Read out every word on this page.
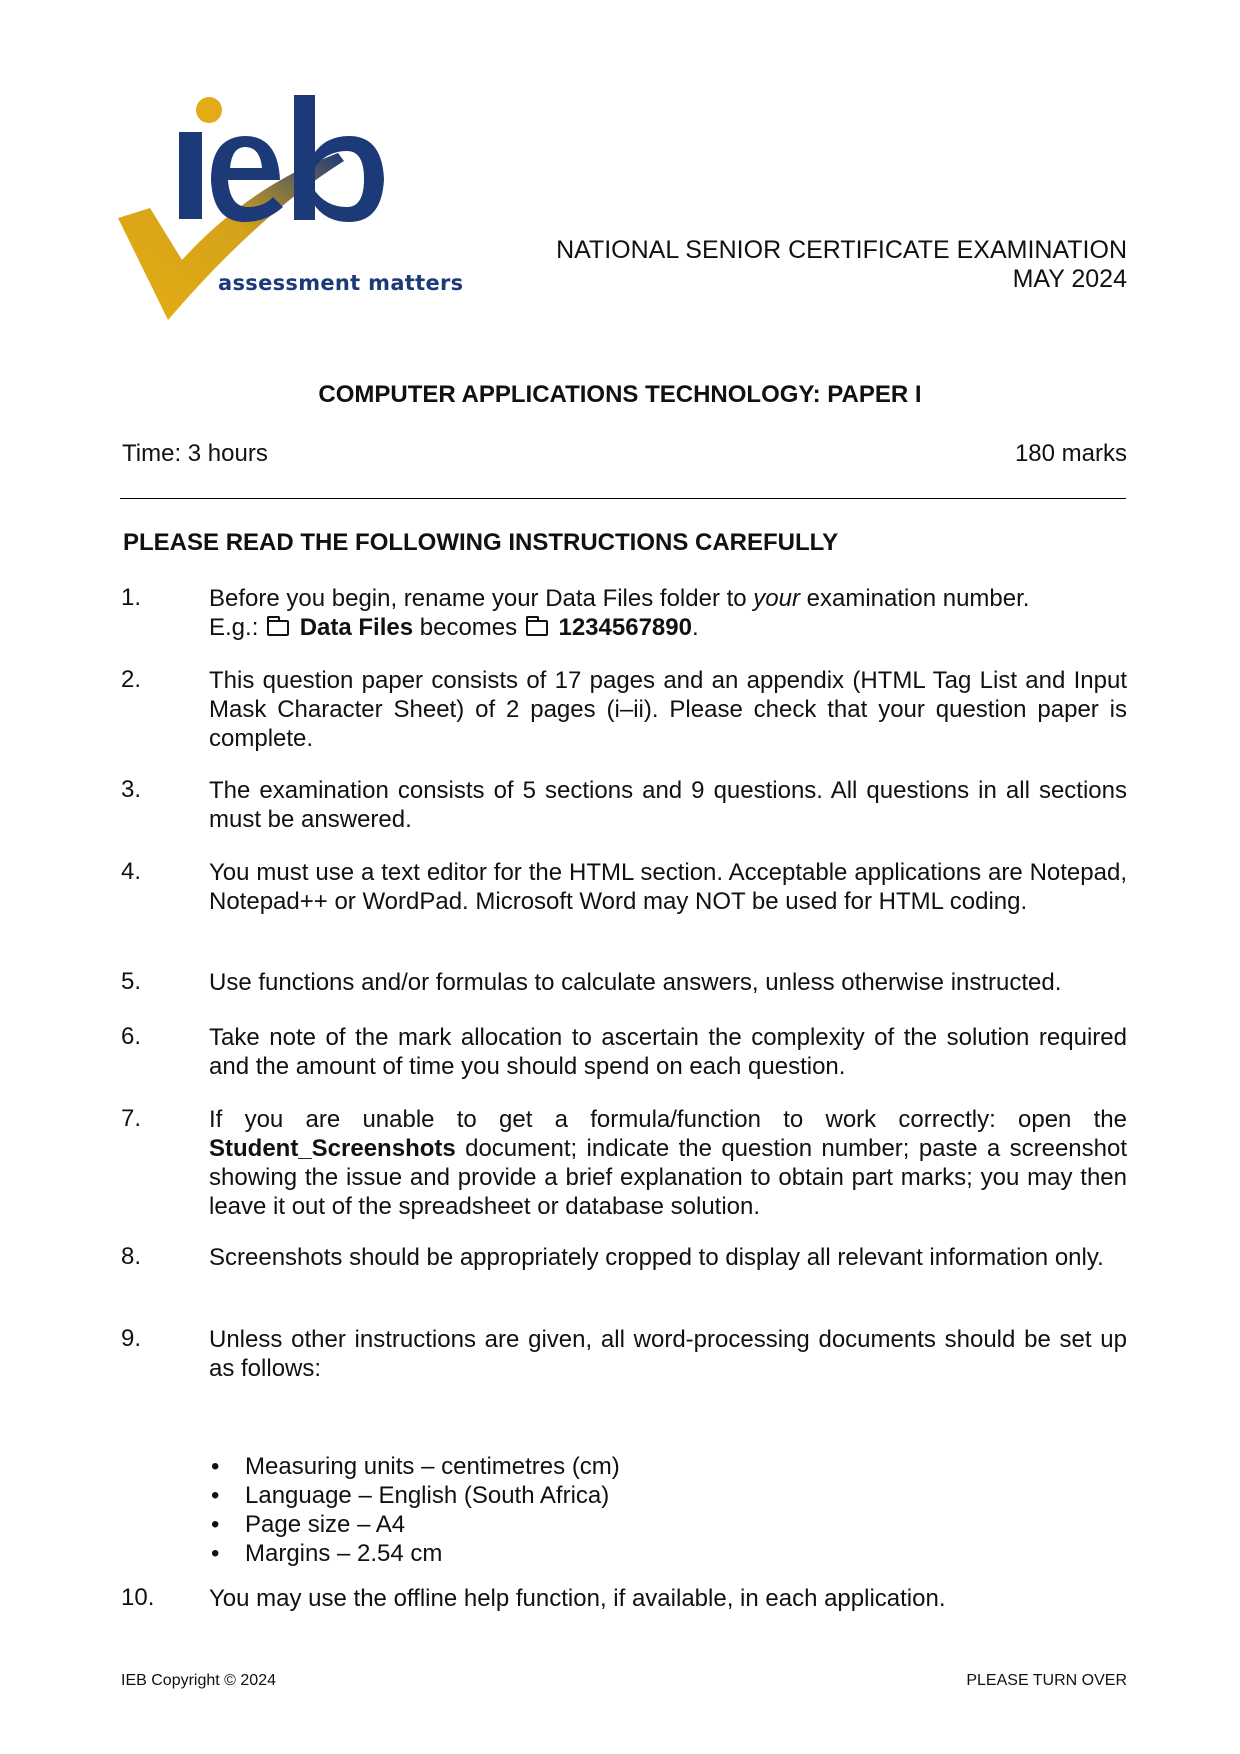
assessment matters
NATIONAL SENIOR CERTIFICATE EXAMINATION
MAY 2024
COMPUTER APPLICATIONS TECHNOLOGY: PAPER I
Time: 3 hours	180 marks
PLEASE READ THE FOLLOWING INSTRUCTIONS CAREFULLY
1.	Before you begin, rename your Data Files folder to your examination number.
E.g.:  Data Files becomes  1234567890.
2.	This question paper consists of 17 pages and an appendix (HTML Tag List and Input Mask Character Sheet) of 2 pages (i–ii). Please check that your question paper is complete.
3.	The examination consists of 5 sections and 9 questions. All questions in all sections must be answered.
4.	You must use a text editor for the HTML section. Acceptable applications are Notepad, Notepad++ or WordPad. Microsoft Word may NOT be used for HTML coding.
5.	Use functions and/or formulas to calculate answers, unless otherwise instructed.
6.	Take note of the mark allocation to ascertain the complexity of the solution required and the amount of time you should spend on each question.
7.	If you are unable to get a formula/function to work correctly: open the Student_Screenshots document; indicate the question number; paste a screenshot showing the issue and provide a brief explanation to obtain part marks; you may then leave it out of the spreadsheet or database solution.
8.	Screenshots should be appropriately cropped to display all relevant information only.
9.	Unless other instructions are given, all word-processing documents should be set up as follows:
• Measuring units – centimetres (cm)
• Language – English (South Africa)
• Page size – A4
• Margins – 2.54 cm
10. You may use the offline help function, if available, in each application.
IEB Copyright © 2024	PLEASE TURN OVER
